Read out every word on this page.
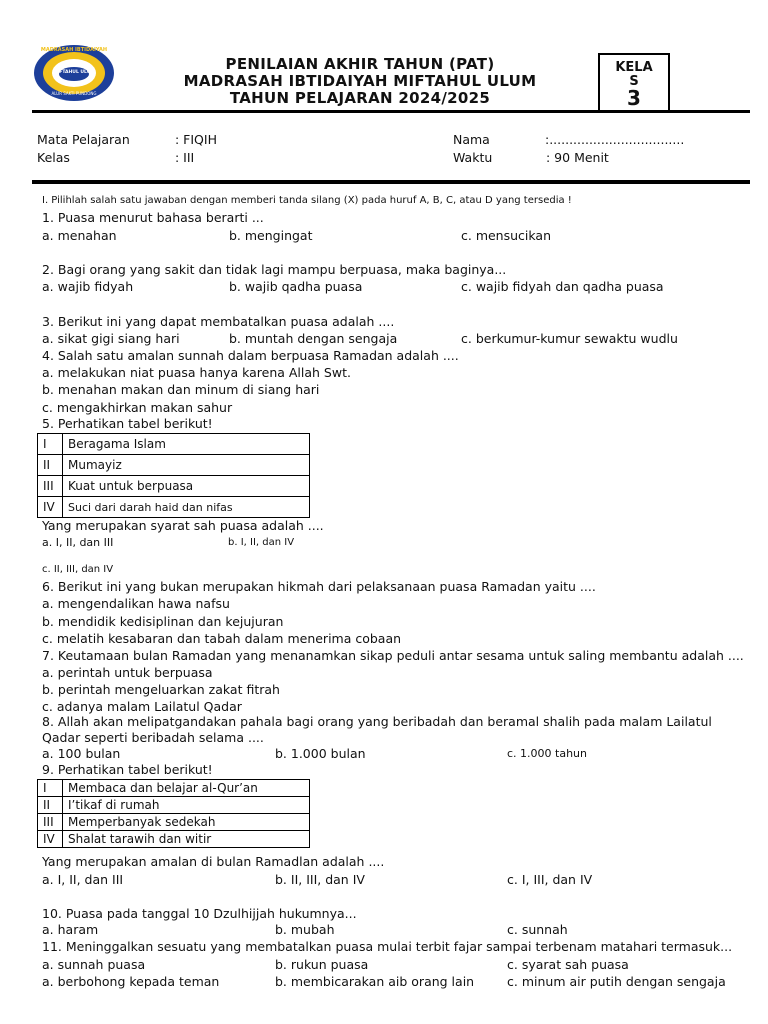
MADRASAH IBTIDAIYAH
MIFTAHUL ULUM
ALUR SAKTI PUNDONG
PENILAIAN AKHIR TAHUN (PAT)
MADRASAH IBTIDAIYAH MIFTAHUL ULUM
TAHUN PELAJARAN 2024/2025
KELA
S
3
Mata Pelajaran	: FIQIH
Kelas	: III
Nama	:..................................
Waktu	: 90 Menit
I. Pilihlah salah satu jawaban dengan memberi tanda silang (X) pada huruf A, B, C, atau D yang tersedia !
1. Puasa menurut bahasa berarti ...
a. menahan	b. mengingat	c. mensucikan
2. Bagi orang yang sakit dan tidak lagi mampu berpuasa, maka baginya...
a. wajib fidyah	b. wajib qadha puasa	c. wajib fidyah dan qadha puasa
3. Berikut ini yang dapat membatalkan puasa adalah ....
a. sikat gigi siang hari	b. muntah dengan sengaja	c. berkumur-kumur sewaktu wudlu
4. Salah satu amalan sunnah dalam berpuasa Ramadan adalah ....
a. melakukan niat puasa hanya karena Allah Swt.
b. menahan makan dan minum di siang hari
c. mengakhirkan makan sahur
5. Perhatikan tabel berikut!
I	Beragama Islam
II	Mumayiz
III	Kuat untuk berpuasa
IV	Suci dari darah haid dan nifas
Yang merupakan syarat sah puasa adalah ....
a. I, II, dan III	b. I, II, dan IV
c. II, III, dan IV
6. Berikut ini yang bukan merupakan hikmah dari pelaksanaan puasa Ramadan yaitu ....
a. mengendalikan hawa nafsu
b. mendidik kedisiplinan dan kejujuran
c. melatih kesabaran dan tabah dalam menerima cobaan
7. Keutamaan bulan Ramadan yang menanamkan sikap peduli antar sesama untuk saling membantu adalah ....
a. perintah untuk berpuasa
b. perintah mengeluarkan zakat fitrah
c. adanya malam Lailatul Qadar
8. Allah akan melipatgandakan pahala bagi orang yang beribadah dan beramal shalih pada malam Lailatul
Qadar seperti beribadah selama ....
a. 100 bulan	b. 1.000 bulan	c. 1.000 tahun
9. Perhatikan tabel berikut!
I	Membaca dan belajar al-Qur’an
II	I’tikaf di rumah
III	Memperbanyak sedekah
IV	Shalat tarawih dan witir
Yang merupakan amalan di bulan Ramadlan adalah ....
a. I, II, dan III	b. II, III, dan IV	c. I, III, dan IV
10. Puasa pada tanggal 10 Dzulhijjah hukumnya...
a. haram	b. mubah	c. sunnah
11. Meninggalkan sesuatu yang membatalkan puasa mulai terbit fajar sampai terbenam matahari termasuk...
a. sunnah puasa	b. rukun puasa	c. syarat sah puasa
a. berbohong kepada teman	b. membicarakan aib orang lain	c. minum air putih dengan sengaja
